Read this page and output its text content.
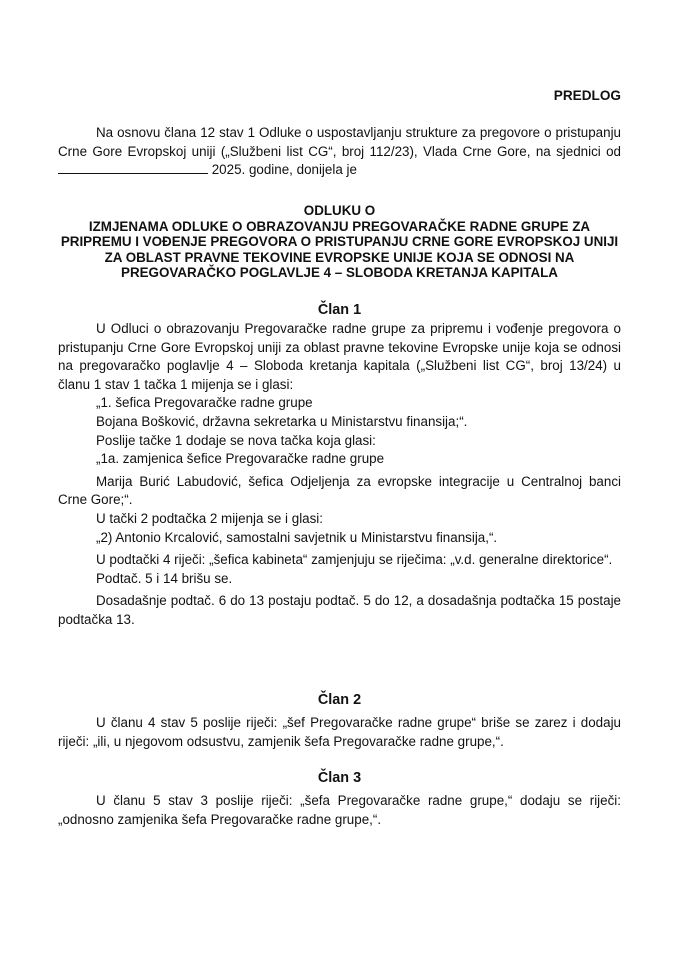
PREDLOG

Na osnovu člana 12 stav 1 Odluke o uspostavljanju strukture za pregovore o pristupanju Crne Gore Evropskoj uniji („Službeni list CG“, broj 112/23), Vlada Crne Gore, na sjednici od  2025. godine, donijela je

ODLUKU O
IZMJENAMA ODLUKE O OBRAZOVANJU PREGOVARAČKE RADNE GRUPE ZA PRIPREMU I VOĐENJE PREGOVORA O PRISTUPANJU CRNE GORE EVROPSKOJ UNIJI ZA OBLAST PRAVNE TEKOVINE EVROPSKE UNIJE KOJA SE ODNOSI NA PREGOVARAČKO POGLAVLJE 4 – SLOBODA KRETANJA KAPITALA
Član 1

U Odluci o obrazovanju Pregovaračke radne grupe za pripremu i vođenje pregovora o pristupanju Crne Gore Evropskoj uniji za oblast pravne tekovine Evropske unije koja se odnosi na pregovaračko poglavlje 4 – Sloboda kretanja kapitala („Službeni list CG“, broj 13/24) u članu 1 stav 1 tačka 1 mijenja se i glasi:

„1. šefica Pregovaračke radne grupe

Bojana Bošković, državna sekretarka u Ministarstvu finansija;“.

Poslije tačke 1 dodaje se nova tačka koja glasi:

„1a. zamjenica šefice Pregovaračke radne grupe

Marija Burić Labudović, šefica Odjeljenja za evropske integracije u Centralnoj banci Crne Gore;“.

U tački 2 podtačka 2 mijenja se i glasi:

„2) Antonio Krcalović, samostalni savjetnik u Ministarstvu finansija,“.

U podtački 4 riječi: „šefica kabineta“ zamjenjuju se riječima: „v.d. generalne direktorice“.

Podtač. 5 i 14 brišu se.

Dosadašnje podtač. 6 do 13 postaju podtač. 5 do 12, a dosadašnja podtačka 15 postaje podtačka 13.

Član 2

U članu 4 stav 5 poslije riječi: „šef Pregovaračke radne grupe“ briše se zarez i dodaju riječi: „ili, u njegovom odsustvu, zamjenik šefa Pregovaračke radne grupe,“.

Član 3

U članu 5 stav 3 poslije riječi: „šefa Pregovaračke radne grupe,“ dodaju se riječi: „odnosno zamjenika šefa Pregovaračke radne grupe,“.
